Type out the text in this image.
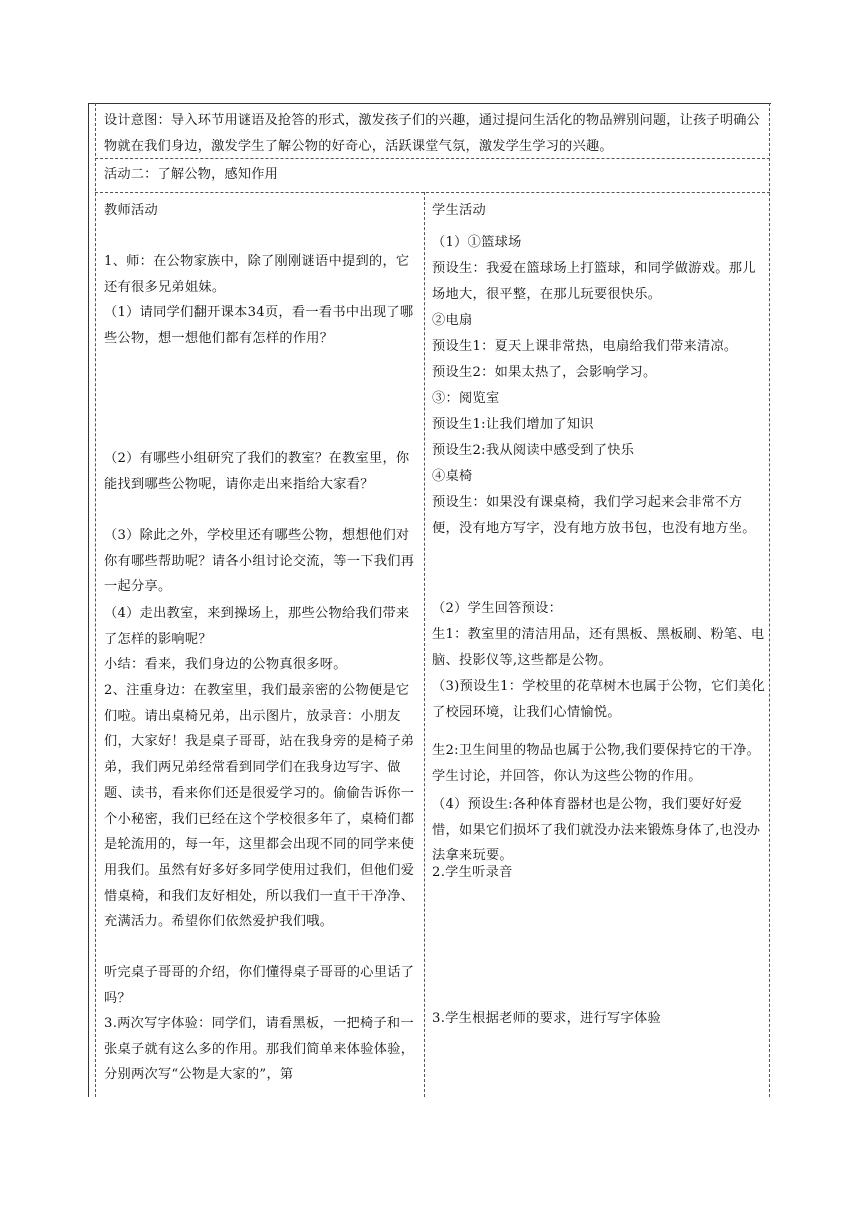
设计意图：导入环节用谜语及抢答的形式，激发孩子们的兴趣，通过提问生活化的物品辨别问题，让孩子明确公物就在我们身边，激发学生了解公物的好奇心，活跃课堂气氛，激发学生学习的兴趣。
活动二：了解公物，感知作用

教师活动

1、师：在公物家族中，除了刚刚谜语中提到的，它还有很多兄弟姐妹。

（1）请同学们翻开课本34页，看一看书中出现了哪些公物，想一想他们都有怎样的作用？

（2）有哪些小组研究了我们的教室？在教室里，你能找到哪些公物呢，请你走出来指给大家看？

（3）除此之外，学校里还有哪些公物，想想他们对你有哪些帮助呢？请各小组讨论交流，等一下我们再一起分享。

（4）走出教室，来到操场上，那些公物给我们带来了怎样的影响呢？

小结：看来，我们身边的公物真很多呀。

2、注重身边：在教室里，我们最亲密的公物便是它们啦。请出桌椅兄弟，出示图片，放录音：小朋友们，大家好！我是桌子哥哥，站在我身旁的是椅子弟弟，我们两兄弟经常看到同学们在我身边写字、做题、读书，看来你们还是很爱学习的。偷偷告诉你一个小秘密，我们已经在这个学校很多年了，桌椅们都是轮流用的，每一年，这里都会出现不同的同学来使用我们。虽然有好多好多同学使用过我们，但他们爱惜桌椅，和我们友好相处，所以我们一直干干净净、充满活力。希望你们依然爱护我们哦。

听完桌子哥哥的介绍，你们懂得桌子哥哥的心里话了吗？

3.两次写字体验：同学们，请看黑板，一把椅子和一张桌子就有这么多的作用。那我们简单来体验体验，分别两次写“公物是大家的”，第

学生活动

（1）①篮球场

预设生：我爱在篮球场上打篮球，和同学做游戏。那儿场地大，很平整，在那儿玩要很快乐。

②电扇

预设生1：夏天上课非常热，电扇给我们带来清凉。

预设生2：如果太热了，会影响学习。

③：阅览室

预设生1:让我们增加了知识

预设生2:我从阅读中感受到了快乐

④桌椅

预设生：如果没有课桌椅，我们学习起来会非常不方便，没有地方写字，没有地方放书包，也没有地方坐。

（2）学生回答预设：

生1：教室里的清洁用品，还有黑板、黑板刷、粉笔、电脑、投影仪等,这些都是公物。

（3)预设生1：学校里的花草树木也属于公物，它们美化了校园环境，让我们心情愉悦。

生2:卫生间里的物品也属于公物,我们要保持它的干净。学生讨论，并回答，你认为这些公物的作用。

（4）预设生:各种体育器材也是公物，我们要好好爱惜，如果它们损坏了我们就没办法来锻炼身体了,也没办法拿来玩要。

2.学生听录音

3.学生根据老师的要求，进行写字体验
